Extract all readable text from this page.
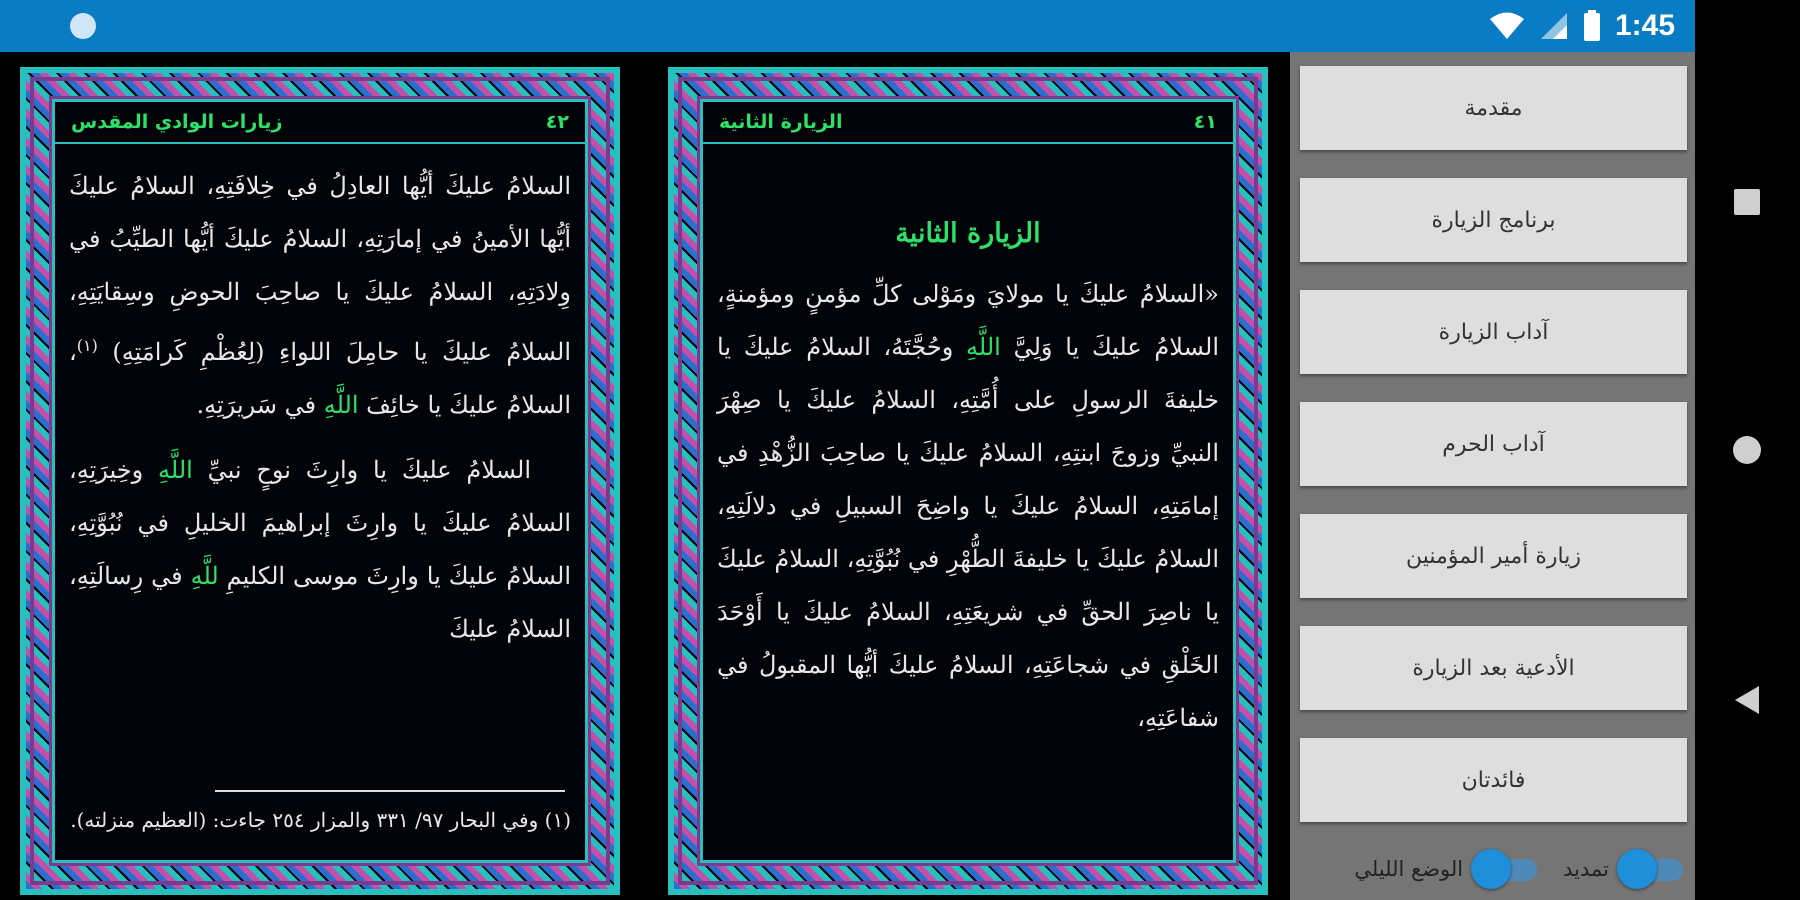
1:45
٤٢
زيارات الوادي المقدس

السلامُ عليكَ أيُّها العادِلُ في خِلافَتِهِ، السلامُ عليكَ أيُّها الأمينُ في إمارَتِهِ، السلامُ عليكَ أيُّها الطيِّبُ في وِلادَتِهِ، السلامُ عليكَ يا صاحِبَ الحوضِ وسِقايَتِهِ، السلامُ عليكَ يا حامِلَ اللواءِ (لِعُظْمِ كَرامَتِهِ) $^{(١)}$، السلامُ عليكَ يا خائِفَ اللَّهِ في سَريرَتِهِ.

السلامُ عليكَ يا وارِثَ نوحٍ نبيِّ اللَّهِ وخِيرَتِهِ، السلامُ عليكَ يا وارِثَ إبراهيمَ الخليلِ في نُبُوَّتِهِ، السلامُ عليكَ يا وارِثَ موسى الكليمِ للَّهِ في رِسالَتِهِ، السلامُ عليكَ

(١) وفي البحار ٩٧/ ٣٣١ والمزار ٢٥٤ جاءت: (العظيم منزلته).
٤١
الزيارة الثانية
الزيارة الثانية

«السلامُ عليكَ يا مولايَ ومَوْلى كلِّ مؤمنٍ ومؤمنةٍ، السلامُ عليكَ يا وَلِيَّ اللَّهِ وحُجَّتَهُ، السلامُ عليكَ يا خليفةَ الرسولِ على أُمَّتِهِ، السلامُ عليكَ يا صِهْرَ النبيِّ وزوجَ ابنتِهِ، السلامُ عليكَ يا صاحِبَ الزُّهْدِ في إمامَتِهِ، السلامُ عليكَ يا واضِحَ السبيلِ في دلالَتِهِ، السلامُ عليكَ يا خليفةَ الطُّهْرِ في نُبُوَّتِهِ، السلامُ عليكَ يا ناصِرَ الحقِّ في شريعَتِهِ، السلامُ عليكَ يا أَوْحَدَ الخَلْقِ في شجاعَتِهِ، السلامُ عليكَ أيُّها المقبولُ في شفاعَتِهِ،

مقدمة
برنامج الزيارة
آداب الزيارة
آداب الحرم
زيارة أمير المؤمنين
الأدعية بعد الزيارة
فائدتان
تمديد
الوضع الليلي
